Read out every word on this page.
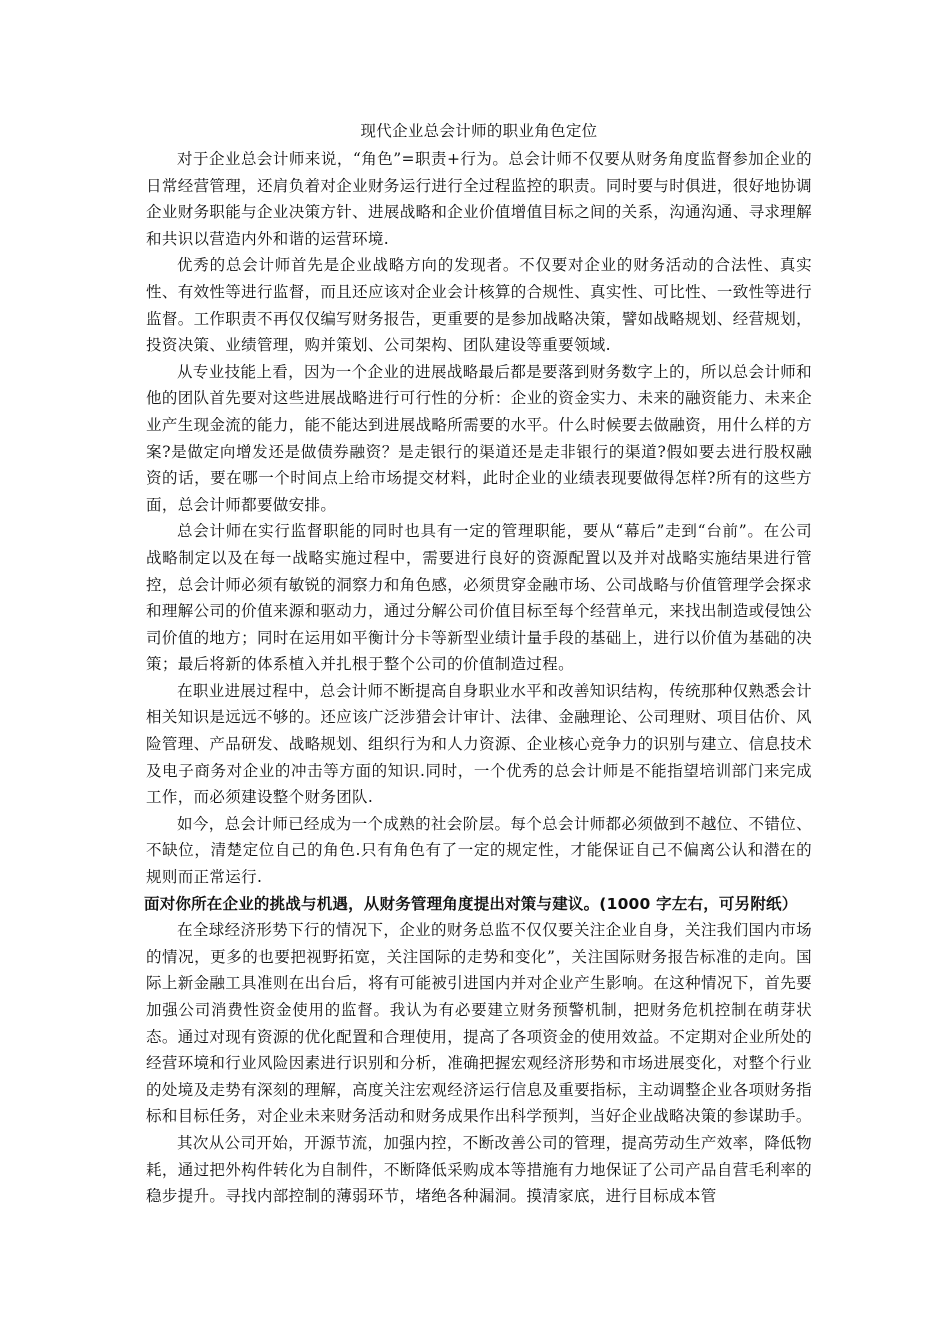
现代企业总会计师的职业角色定位

对于企业总会计师来说，“角色”=职责+行为。总会计师不仅要从财务角度监督参加企业的日常经营管理，还肩负着对企业财务运行进行全过程监控的职责。同时要与时俱进，很好地协调企业财务职能与企业决策方针、进展战略和企业价值增值目标之间的关系，沟通沟通、寻求理解和共识以营造内外和谐的运营环境.

优秀的总会计师首先是企业战略方向的发现者。不仅要对企业的财务活动的合法性、真实性、有效性等进行监督，而且还应该对企业会计核算的合规性、真实性、可比性、一致性等进行监督。工作职责不再仅仅编写财务报告，更重要的是参加战略决策，譬如战略规划、经营规划，投资决策、业绩管理，购并策划、公司架构、团队建设等重要领域.

从专业技能上看，因为一个企业的进展战略最后都是要落到财务数字上的，所以总会计师和他的团队首先要对这些进展战略进行可行性的分析：企业的资金实力、未来的融资能力、未来企业产生现金流的能力，能不能达到进展战略所需要的水平。什么时候要去做融资，用什么样的方案?是做定向增发还是做债券融资？是走银行的渠道还是走非银行的渠道?假如要去进行股权融资的话，要在哪一个时间点上给市场提交材料，此时企业的业绩表现要做得怎样?所有的这些方面，总会计师都要做安排。

总会计师在实行监督职能的同时也具有一定的管理职能，要从“幕后”走到“台前”。在公司战略制定以及在每一战略实施过程中，需要进行良好的资源配置以及并对战略实施结果进行管控，总会计师必须有敏锐的洞察力和角色感，必须贯穿金融市场、公司战略与价值管理学会探求和理解公司的价值来源和驱动力，通过分解公司价值目标至每个经营单元，来找出制造或侵蚀公司价值的地方；同时在运用如平衡计分卡等新型业绩计量手段的基础上，进行以价值为基础的决策；最后将新的体系植入并扎根于整个公司的价值制造过程。

在职业进展过程中，总会计师不断提高自身职业水平和改善知识结构，传统那种仅熟悉会计相关知识是远远不够的。还应该广泛涉猎会计审计、法律、金融理论、公司理财、项目估价、风险管理、产品研发、战略规划、组织行为和人力资源、企业核心竞争力的识别与建立、信息技术及电子商务对企业的冲击等方面的知识.同时，一个优秀的总会计师是不能指望培训部门来完成工作，而必须建设整个财务团队.

如今，总会计师已经成为一个成熟的社会阶层。每个总会计师都必须做到不越位、不错位、不缺位，清楚定位自己的角色.只有角色有了一定的规定性，才能保证自己不偏离公认和潜在的规则而正常运行.

面对你所在企业的挑战与机遇，从财务管理角度提出对策与建议。(1000 字左右，可另附纸）

在全球经济形势下行的情况下，企业的财务总监不仅仅要关注企业自身，关注我们国内市场的情况，更多的也要把视野拓宽，关注国际的走势和变化”，关注国际财务报告标准的走向。国际上新金融工具准则在出台后，将有可能被引进国内并对企业产生影响。在这种情况下，首先要加强公司消费性资金使用的监督。我认为有必要建立财务预警机制，把财务危机控制在萌芽状态。通过对现有资源的优化配置和合理使用，提高了各项资金的使用效益。不定期对企业所处的经营环境和行业风险因素进行识别和分析，准确把握宏观经济形势和市场进展变化，对整个行业的处境及走势有深刻的理解，高度关注宏观经济运行信息及重要指标，主动调整企业各项财务指标和目标任务，对企业未来财务活动和财务成果作出科学预判，当好企业战略决策的参谋助手。

其次从公司开始，开源节流，加强内控，不断改善公司的管理，提高劳动生产效率，降低物耗，通过把外构件转化为自制件，不断降低采购成本等措施有力地保证了公司产品自营毛利率的稳步提升。寻找内部控制的薄弱环节，堵绝各种漏洞。摸清家底，进行目标成本管
